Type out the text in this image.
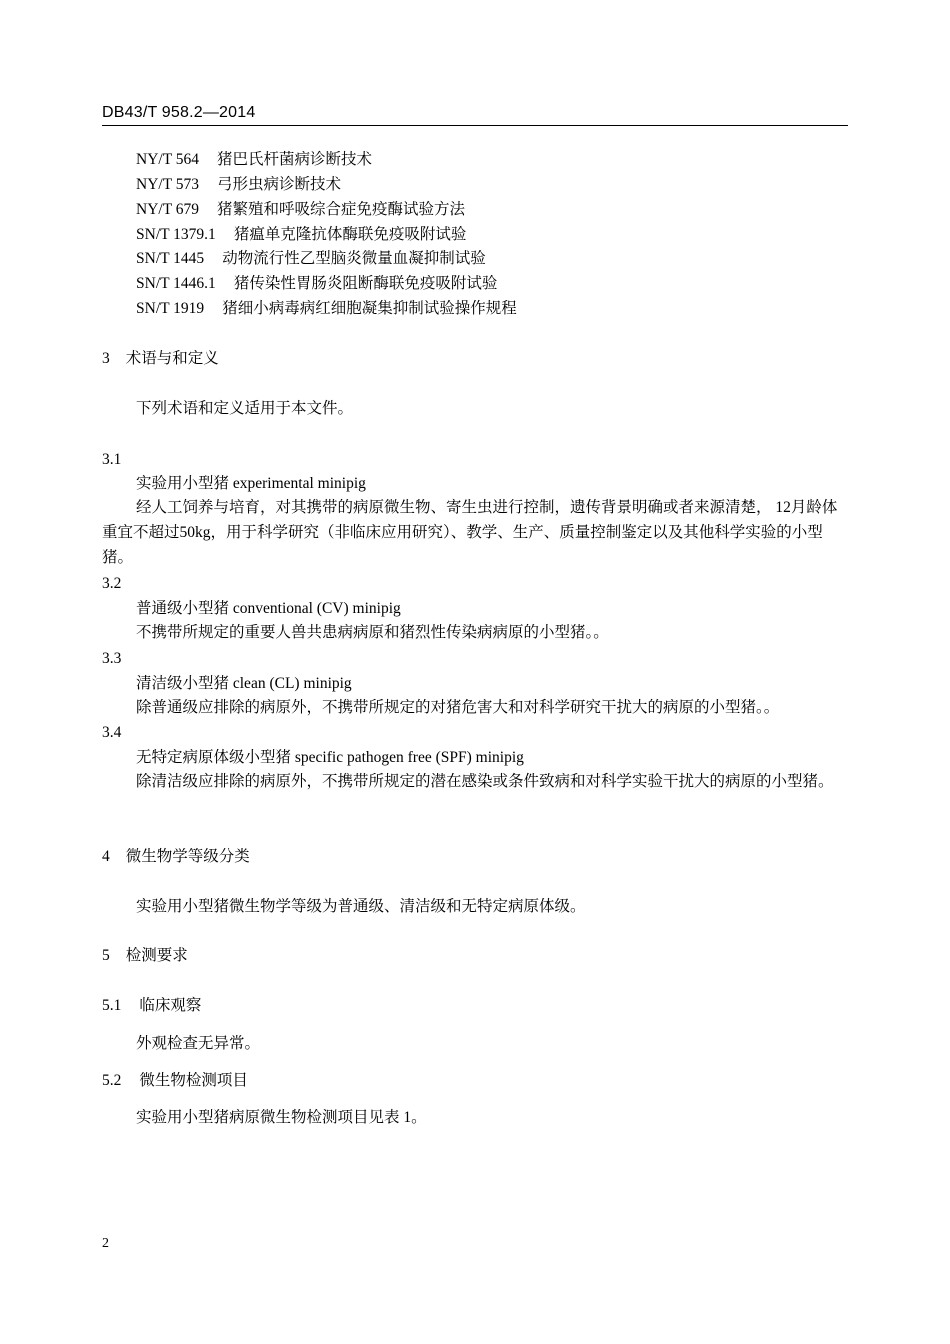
DB43/T 958.2—2014
NY/T 564 猪巴氏杆菌病诊断技术
NY/T 573 弓形虫病诊断技术
NY/T 679 猪繁殖和呼吸综合症免疫酶试验方法
SN/T 1379.1 猪瘟单克隆抗体酶联免疫吸附试验
SN/T 1445 动物流行性乙型脑炎微量血凝抑制试验
SN/T 1446.1 猪传染性胃肠炎阻断酶联免疫吸附试验
SN/T 1919 猪细小病毒病红细胞凝集抑制试验操作规程
3 术语与和定义
下列术语和定义适用于本文件。
3.1
实验用小型猪 experimental minipig
经人工饲养与培育，对其携带的病原微生物、寄生虫进行控制，遗传背景明确或者来源清楚， 12月龄体重宜不超过50kg，用于科学研究（非临床应用研究）、教学、生产、质量控制鉴定以及其他科学实验的小型猪。
3.2
普通级小型猪 conventional (CV) minipig
不携带所规定的重要人兽共患病病原和猪烈性传染病病原的小型猪。。
3.3
清洁级小型猪 clean (CL) minipig
除普通级应排除的病原外，不携带所规定的对猪危害大和对科学研究干扰大的病原的小型猪。。
3.4
无特定病原体级小型猪 specific pathogen free (SPF) minipig
除清洁级应排除的病原外，不携带所规定的潜在感染或条件致病和对科学实验干扰大的病原的小型猪。
4 微生物学等级分类
实验用小型猪微生物学等级为普通级、清洁级和无特定病原体级。
5 检测要求
5.1 临床观察
外观检查无异常。
5.2 微生物检测项目
实验用小型猪病原微生物检测项目见表 1。
2
